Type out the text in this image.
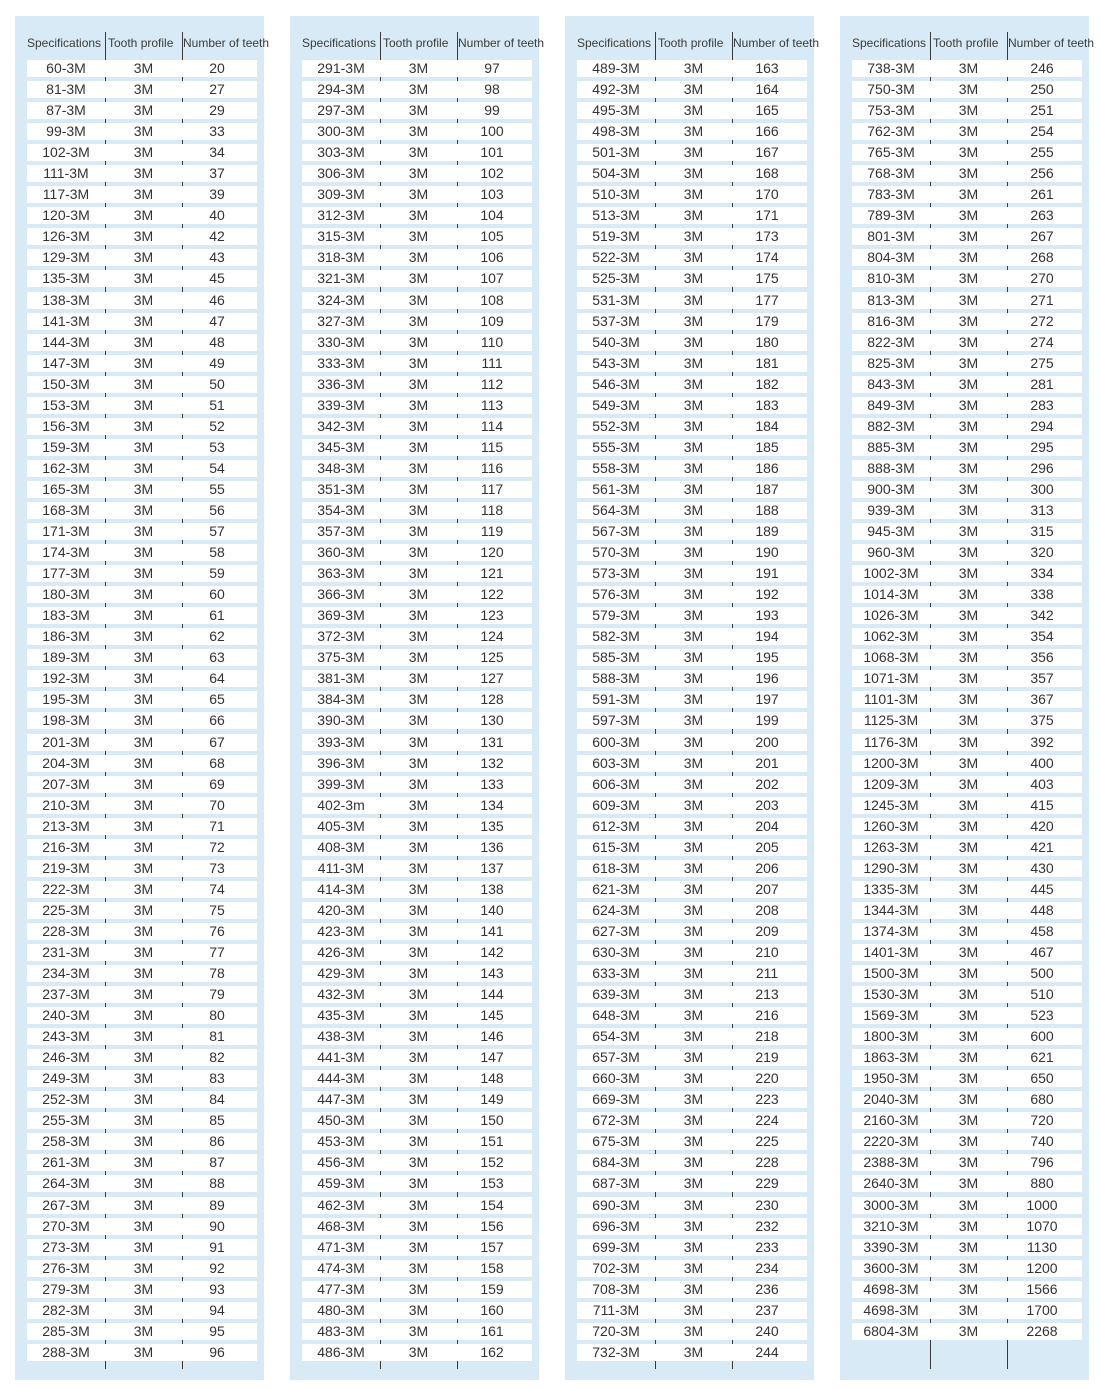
Specifications Tooth profile Number of teeth
60-3M	3M	20
81-3M	3M	27
87-3M	3M	29
99-3M	3M	33
102-3M	3M	34
111-3M	3M	37
117-3M	3M	39
120-3M	3M	40
126-3M	3M	42
129-3M	3M	43
135-3M	3M	45
138-3M	3M	46
141-3M	3M	47
144-3M	3M	48
147-3M	3M	49
150-3M	3M	50
153-3M	3M	51
156-3M	3M	52
159-3M	3M	53
162-3M	3M	54
165-3M	3M	55
168-3M	3M	56
171-3M	3M	57
174-3M	3M	58
177-3M	3M	59
180-3M	3M	60
183-3M	3M	61
186-3M	3M	62
189-3M	3M	63
192-3M	3M	64
195-3M	3M	65
198-3M	3M	66
201-3M	3M	67
204-3M	3M	68
207-3M	3M	69
210-3M	3M	70
213-3M	3M	71
216-3M	3M	72
219-3M	3M	73
222-3M	3M	74
225-3M	3M	75
228-3M	3M	76
231-3M	3M	77
234-3M	3M	78
237-3M	3M	79
240-3M	3M	80
243-3M	3M	81
246-3M	3M	82
249-3M	3M	83
252-3M	3M	84
255-3M	3M	85
258-3M	3M	86
261-3M	3M	87
264-3M	3M	88
267-3M	3M	89
270-3M	3M	90
273-3M	3M	91
276-3M	3M	92
279-3M	3M	93
282-3M	3M	94
285-3M	3M	95
288-3M	3M	96
Specifications Tooth profile Number of teeth
291-3M	3M	97
294-3M	3M	98
297-3M	3M	99
300-3M	3M	100
303-3M	3M	101
306-3M	3M	102
309-3M	3M	103
312-3M	3M	104
315-3M	3M	105
318-3M	3M	106
321-3M	3M	107
324-3M	3M	108
327-3M	3M	109
330-3M	3M	110
333-3M	3M	111
336-3M	3M	112
339-3M	3M	113
342-3M	3M	114
345-3M	3M	115
348-3M	3M	116
351-3M	3M	117
354-3M	3M	118
357-3M	3M	119
360-3M	3M	120
363-3M	3M	121
366-3M	3M	122
369-3M	3M	123
372-3M	3M	124
375-3M	3M	125
381-3M	3M	127
384-3M	3M	128
390-3M	3M	130
393-3M	3M	131
396-3M	3M	132
399-3M	3M	133
402-3m	3M	134
405-3M	3M	135
408-3M	3M	136
411-3M	3M	137
414-3M	3M	138
420-3M	3M	140
423-3M	3M	141
426-3M	3M	142
429-3M	3M	143
432-3M	3M	144
435-3M	3M	145
438-3M	3M	146
441-3M	3M	147
444-3M	3M	148
447-3M	3M	149
450-3M	3M	150
453-3M	3M	151
456-3M	3M	152
459-3M	3M	153
462-3M	3M	154
468-3M	3M	156
471-3M	3M	157
474-3M	3M	158
477-3M	3M	159
480-3M	3M	160
483-3M	3M	161
486-3M	3M	162
Specifications Tooth profile Number of teeth
489-3M	3M	163
492-3M	3M	164
495-3M	3M	165
498-3M	3M	166
501-3M	3M	167
504-3M	3M	168
510-3M	3M	170
513-3M	3M	171
519-3M	3M	173
522-3M	3M	174
525-3M	3M	175
531-3M	3M	177
537-3M	3M	179
540-3M	3M	180
543-3M	3M	181
546-3M	3M	182
549-3M	3M	183
552-3M	3M	184
555-3M	3M	185
558-3M	3M	186
561-3M	3M	187
564-3M	3M	188
567-3M	3M	189
570-3M	3M	190
573-3M	3M	191
576-3M	3M	192
579-3M	3M	193
582-3M	3M	194
585-3M	3M	195
588-3M	3M	196
591-3M	3M	197
597-3M	3M	199
600-3M	3M	200
603-3M	3M	201
606-3M	3M	202
609-3M	3M	203
612-3M	3M	204
615-3M	3M	205
618-3M	3M	206
621-3M	3M	207
624-3M	3M	208
627-3M	3M	209
630-3M	3M	210
633-3M	3M	211
639-3M	3M	213
648-3M	3M	216
654-3M	3M	218
657-3M	3M	219
660-3M	3M	220
669-3M	3M	223
672-3M	3M	224
675-3M	3M	225
684-3M	3M	228
687-3M	3M	229
690-3M	3M	230
696-3M	3M	232
699-3M	3M	233
702-3M	3M	234
708-3M	3M	236
711-3M	3M	237
720-3M	3M	240
732-3M	3M	244
Specifications Tooth profile Number of teeth
738-3M	3M	246
750-3M	3M	250
753-3M	3M	251
762-3M	3M	254
765-3M	3M	255
768-3M	3M	256
783-3M	3M	261
789-3M	3M	263
801-3M	3M	267
804-3M	3M	268
810-3M	3M	270
813-3M	3M	271
816-3M	3M	272
822-3M	3M	274
825-3M	3M	275
843-3M	3M	281
849-3M	3M	283
882-3M	3M	294
885-3M	3M	295
888-3M	3M	296
900-3M	3M	300
939-3M	3M	313
945-3M	3M	315
960-3M	3M	320
1002-3M	3M	334
1014-3M	3M	338
1026-3M	3M	342
1062-3M	3M	354
1068-3M	3M	356
1071-3M	3M	357
1101-3M	3M	367
1125-3M	3M	375
1176-3M	3M	392
1200-3M	3M	400
1209-3M	3M	403
1245-3M	3M	415
1260-3M	3M	420
1263-3M	3M	421
1290-3M	3M	430
1335-3M	3M	445
1344-3M	3M	448
1374-3M	3M	458
1401-3M	3M	467
1500-3M	3M	500
1530-3M	3M	510
1569-3M	3M	523
1800-3M	3M	600
1863-3M	3M	621
1950-3M	3M	650
2040-3M	3M	680
2160-3M	3M	720
2220-3M	3M	740
2388-3M	3M	796
2640-3M	3M	880
3000-3M	3M	1000
3210-3M	3M	1070
3390-3M	3M	1130
3600-3M	3M	1200
4698-3M	3M	1566
4698-3M	3M	1700
6804-3M	3M	2268
